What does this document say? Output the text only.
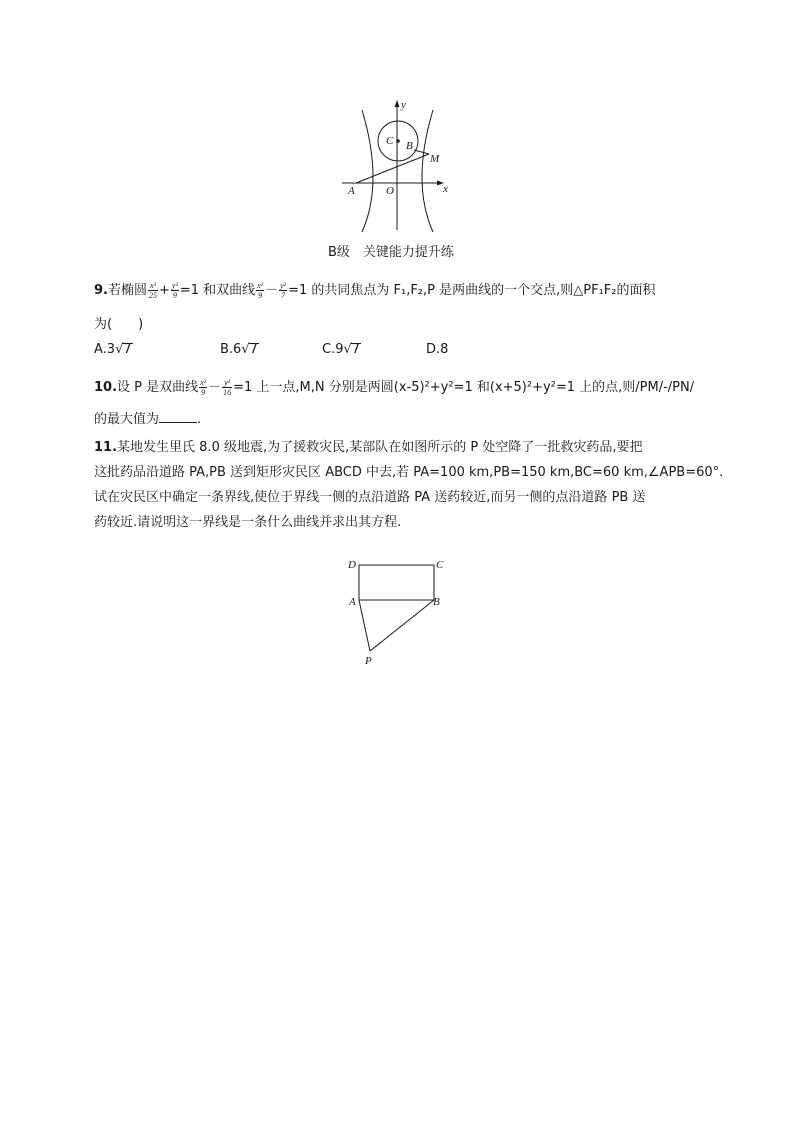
y
x
C B
M
A	O
B级　关键能力提升练
9.若椭圆 $\frac{\text{x²}}{25} + \frac{\text{y²}}{9} =1$ 和双曲线 $\frac{\text{x²}}{9} - \frac{\text{y²}}{7} =1$ 的共同焦点为 F₁,F₂,P 是两曲线的一个交点,则△PF₁F₂的面积
为(　　)
A.3√7	B.6√7	C.9√7	D.8
10.设 P 是双曲线 $\frac{\text{x²}}{9} - \frac{\text{y²}}{16} =1$ 上一点,M,N 分别是两圆(x-5)²+y²=1 和(x+5)²+y²=1 上的点,则/PM/-/PN/
的最大值为	.
11.某地发生里氏 8.0 级地震,为了援救灾民,某部队在如图所示的 P 处空降了一批救灾药品,要把
这批药品沿道路 PA,PB 送到矩形灾民区 ABCD 中去,若 PA=100 km,PB=150 km,BC=60 km,∠APB=60°.
试在灾民区中确定一条界线,使位于界线一侧的点沿道路 PA 送药较近,而另一侧的点沿道路 PB 送
药较近.请说明这一界线是一条什么曲线并求出其方程.
D	C
A	B
P
